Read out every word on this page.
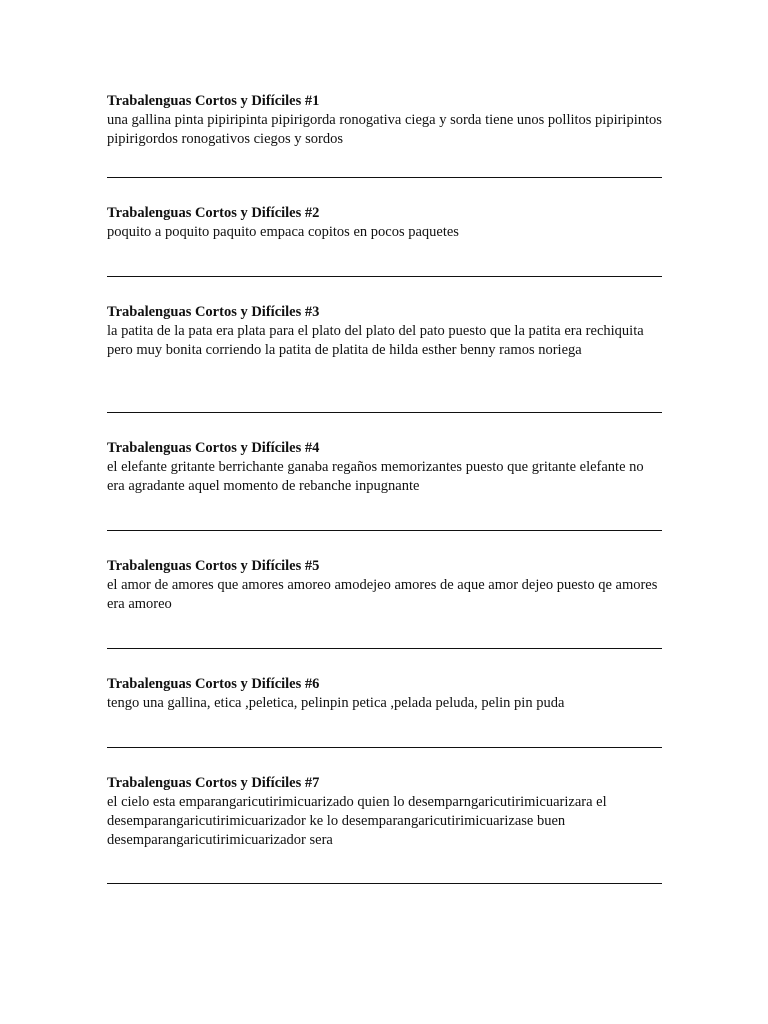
Trabalenguas Cortos y Difíciles #1

una gallina pinta pipiripinta pipirigorda ronogativa ciega y sorda tiene unos pollitos pipiripintos pipirigordos ronogativos ciegos y sordos

Trabalenguas Cortos y Difíciles #2

poquito a poquito paquito empaca copitos en pocos paquetes

Trabalenguas Cortos y Difíciles #3

la patita de la pata era plata para el plato del plato del pato puesto que la patita era rechiquita pero muy bonita corriendo la patita de platita de hilda esther benny ramos noriega

Trabalenguas Cortos y Difíciles #4

el elefante gritante berrichante ganaba regaños memorizantes puesto que gritante elefante no era agradante aquel momento de rebanche inpugnante

Trabalenguas Cortos y Difíciles #5

el amor de amores que amores amoreo amodejeo amores de aque amor dejeo puesto qe amores era amoreo

Trabalenguas Cortos y Difíciles #6

tengo una gallina, etica ,peletica, pelinpin petica ,pelada peluda, pelin pin puda

Trabalenguas Cortos y Difíciles #7

el cielo esta emparangaricutirimicuarizado quien lo desemparngaricutirimicuarizara el desemparangaricutirimicuarizador ke lo desemparangaricutirimicuarizase buen desemparangaricutirimicuarizador sera
